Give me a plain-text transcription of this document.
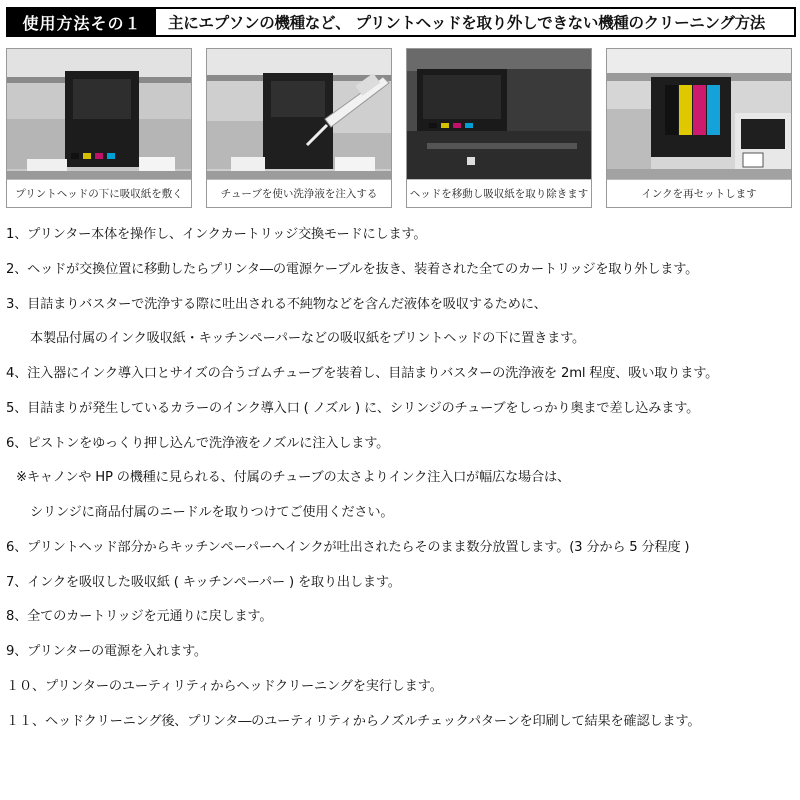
使用方法その１	主にエプソンの機種など、 プリントヘッドを取り外しできない機種のクリーニング方法
プリントヘッドの下に吸収紙を敷く	チューブを使い洗浄液を注入する	ヘッドを移動し吸収紙を取り除きます	インクを再セットします
1、プリンター本体を操作し、インクカートリッジ交換モードにします。
2、ヘッドが交換位置に移動したらプリンタ―の電源ケーブルを抜き、装着された全てのカートリッジを取り外します。
3、目詰まりバスターで洗浄する際に吐出される不純物などを含んだ液体を吸収するために、
本製品付属のインク吸収紙・キッチンペーパーなどの吸収紙をプリントヘッドの下に置きます。
4、注入器にインク導入口とサイズの合うゴムチューブを装着し、目詰まりバスターの洗浄液を 2ml 程度、吸い取ります。
5、目詰まりが発生しているカラーのインク導入口 ( ノズル ) に、シリンジのチューブをしっかり奥まで差し込みます。
6、ピストンをゆっくり押し込んで洗浄液をノズルに注入します。
※キャノンや HP の機種に見られる、付属のチューブの太さよりインク注入口が幅広な場合は、
シリンジに商品付属のニードルを取りつけてご使用ください。
6、プリントヘッド部分からキッチンペーパーへインクが吐出されたらそのまま数分放置します。(3 分から 5 分程度 )
7、インクを吸収した吸収紙 ( キッチンペーパー ) を取り出します。
8、全てのカートリッジを元通りに戻します。
9、プリンターの電源を入れます。
１０、プリンターのユーティリティからヘッドクリーニングを実行します。
１１、ヘッドクリーニング後、プリンタ―のユーティリティからノズルチェックパターンを印刷して結果を確認します。
